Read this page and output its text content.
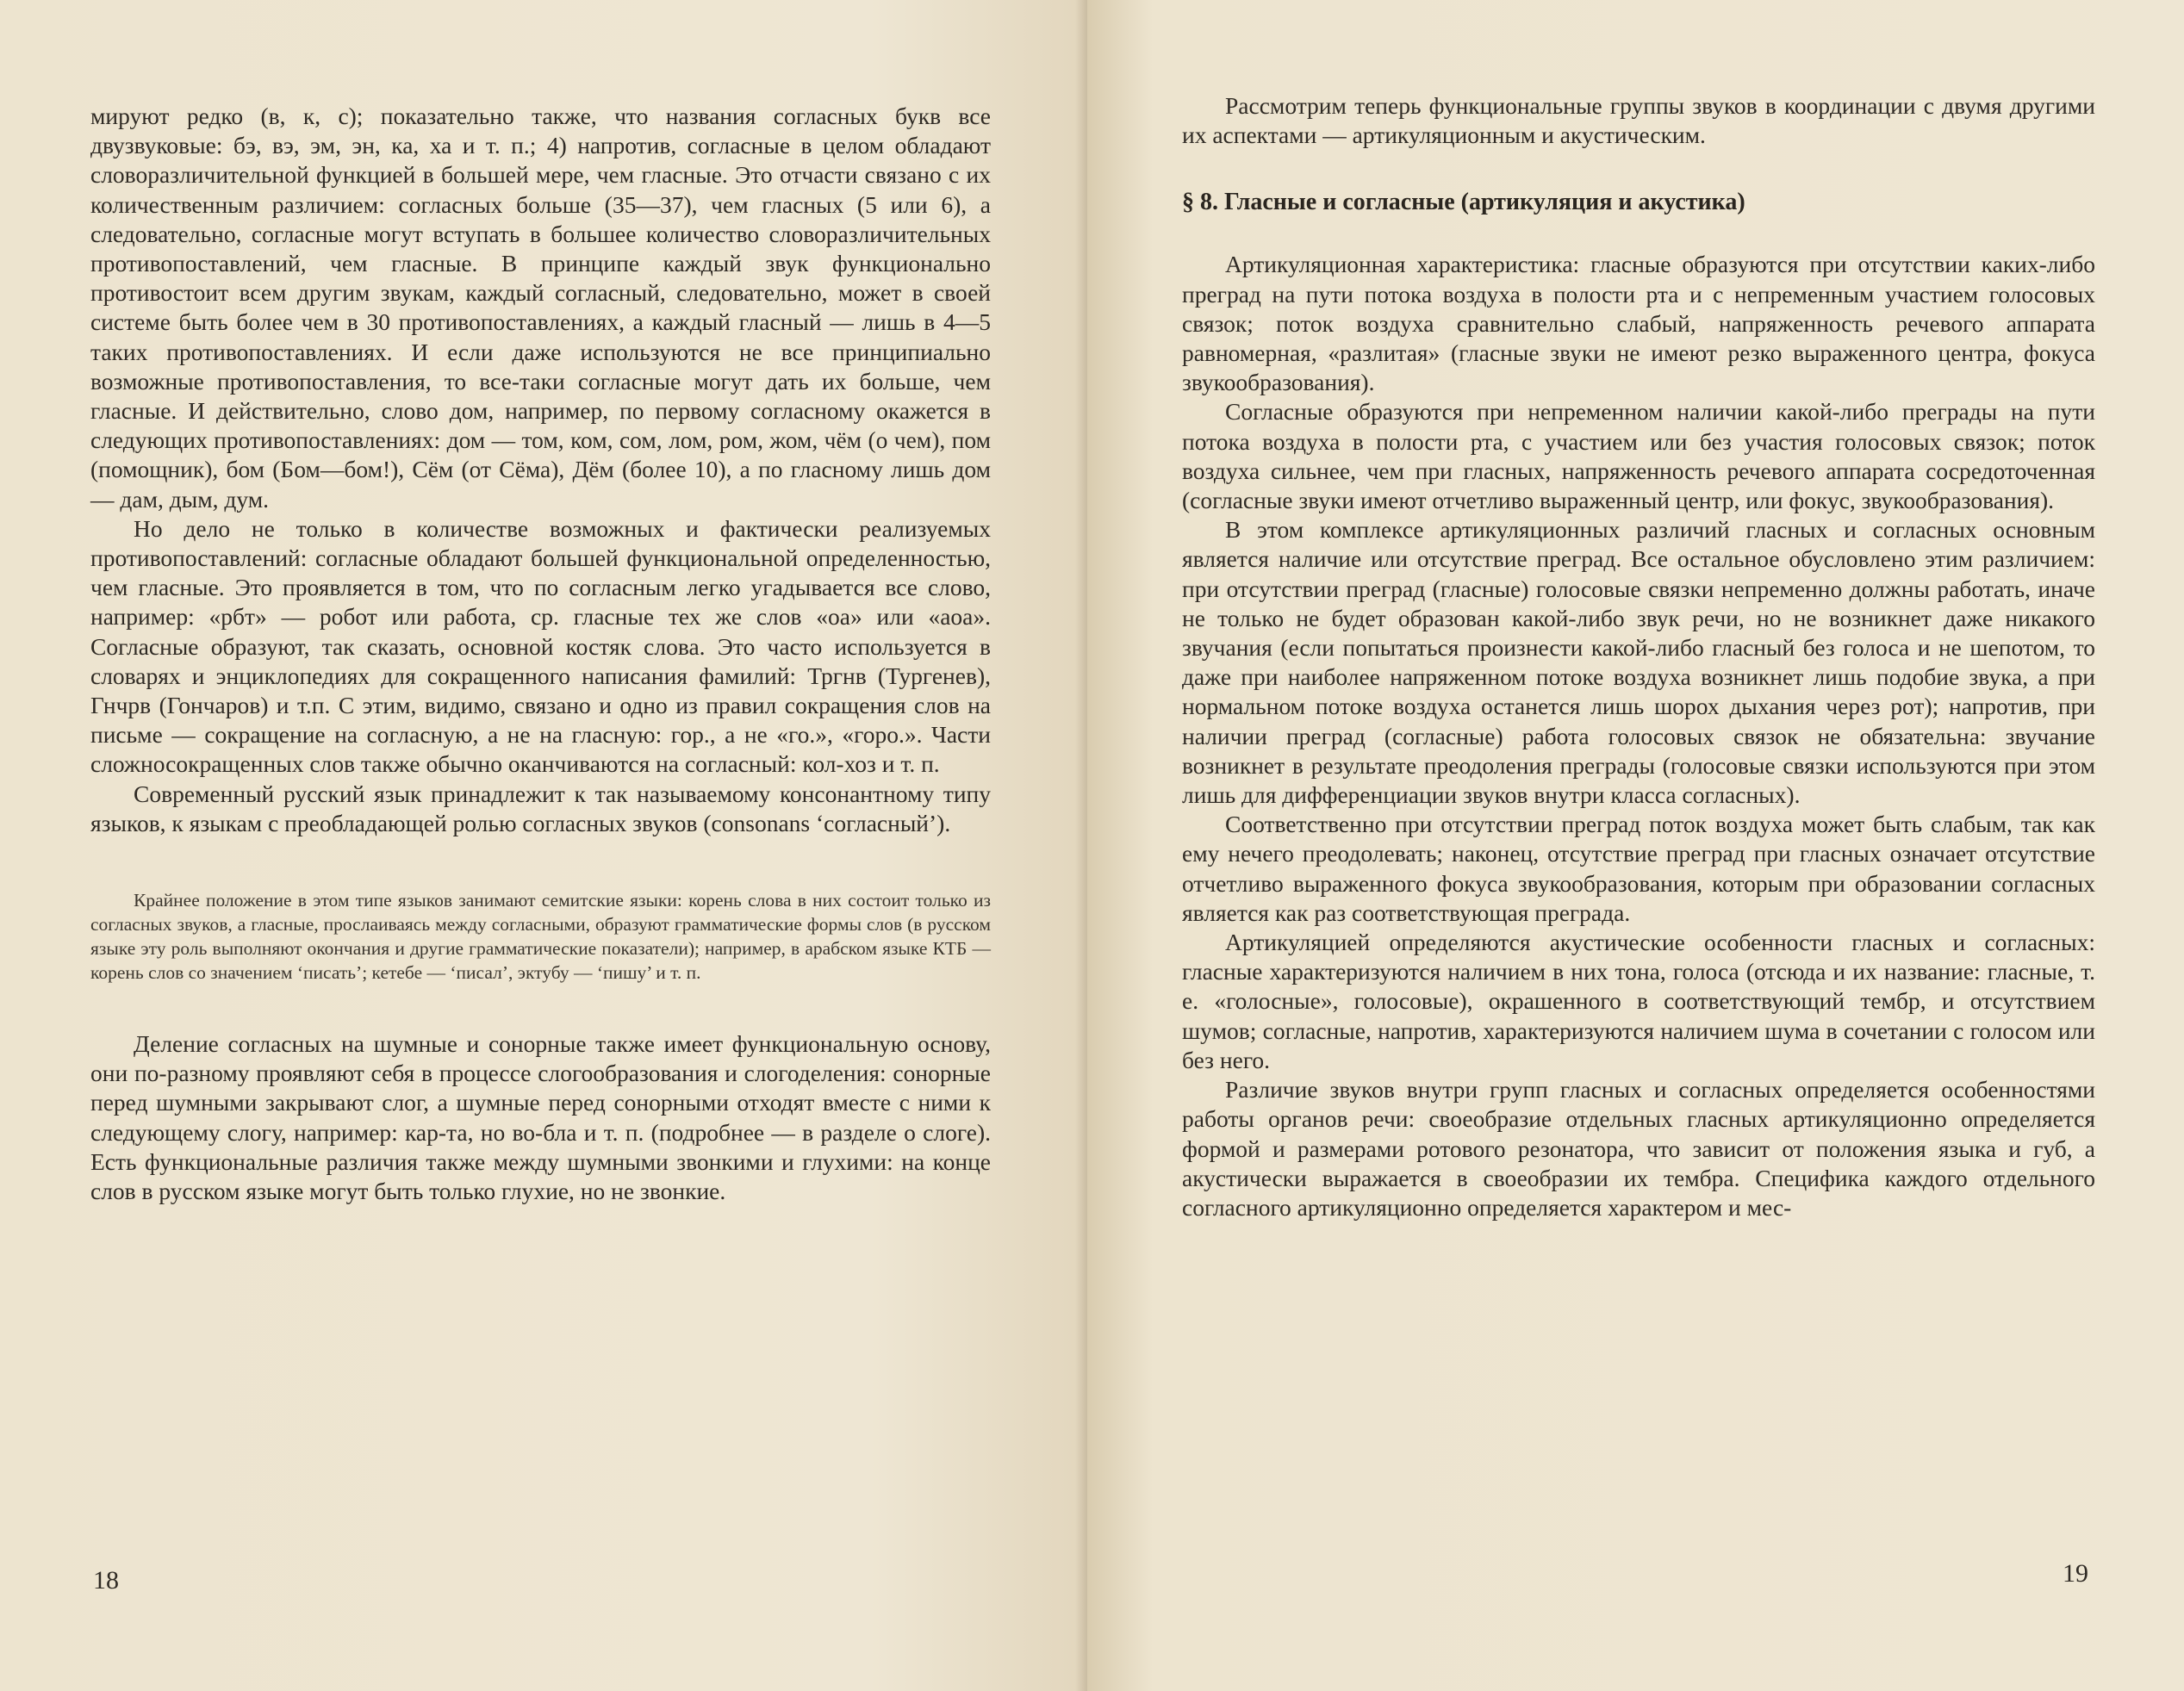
мируют редко (в, к, с); показательно также, что названия согласных букв все двузвуковые: бэ, вэ, эм, эн, ка, ха и т. п.; 4) напротив, согласные в целом обладают словоразличительной функцией в большей мере, чем гласные. Это отчасти связано с их количественным различием: согласных больше (35—37), чем гласных (5 или 6), а следовательно, согласные могут вступать в большее количество словоразличительных противопоставлений, чем гласные. В принципе каждый звук функционально противостоит всем другим звукам, каждый согласный, следовательно, может в своей системе быть более чем в 30 противопоставлениях, а каждый гласный — лишь в 4—5 таких противопоставлениях. И если даже используются не все принципиально возможные противопоставления, то все-таки согласные могут дать их больше, чем гласные. И действительно, слово дом, например, по первому согласному окажется в следующих противопоставлениях: дом — том, ком, сом, лом, ром, жом, чём (о чем), пом (помощник), бом (Бом—бом!), Сём (от Сёма), Дём (более 10), а по гласному лишь дом — дам, дым, дум.

Но дело не только в количестве возможных и фактически реализуемых противопоставлений: согласные обладают большей функциональной определенностью, чем гласные. Это проявляется в том, что по согласным легко угадывается все слово, например: «рбт» — робот или работа, ср. гласные тех же слов «оа» или «аоа». Согласные образуют, так сказать, основной костяк слова. Это часто используется в словарях и энциклопедиях для сокращенного написания фамилий: Тргнв (Тургенев), Гнчрв (Гончаров) и т.п. С этим, видимо, связано и одно из правил сокращения слов на письме — сокращение на согласную, а не на гласную: гор., а не «го.», «горо.». Части сложносокращенных слов также обычно оканчиваются на согласный: кол-хоз и т. п.

Современный русский язык принадлежит к так называемому консонантному типу языков, к языкам с преобладающей ролью согласных звуков (consonans ‘согласный’).

Крайнее положение в этом типе языков занимают семитские языки: корень слова в них состоит только из согласных звуков, а гласные, прослаиваясь между согласными, образуют грамматические формы слов (в русском языке эту роль выполняют окончания и другие грамматические показатели); например, в арабском языке КТБ — корень слов со значением ‘писать’; кетебе — ‘писал’, эктубу — ‘пишу’ и т. п.

Деление согласных на шумные и сонорные также имеет функциональную основу, они по-разному проявляют себя в процессе слогообразования и слогоделения: сонорные перед шумными закрывают слог, а шумные перед сонорными отходят вместе с ними к следующему слогу, например: кар-та, но во-бла и т. п. (подробнее — в разделе о слоге). Есть функциональные различия также между шумными звонкими и глухими: на конце слов в русском языке могут быть только глухие, но не звонкие.

18

Рассмотрим теперь функциональные группы звуков в координации с двумя другими их аспектами — артикуляционным и акустическим.

§ 8. Гласные и согласные (артикуляция и акустика)

Артикуляционная характеристика: гласные образуются при отсутствии каких-либо преград на пути потока воздуха в полости рта и с непременным участием голосовых связок; поток воздуха сравнительно слабый, напряженность речевого аппарата равномерная, «разлитая» (гласные звуки не имеют резко выраженного центра, фокуса звукообразования).

Согласные образуются при непременном наличии какой-либо преграды на пути потока воздуха в полости рта, с участием или без участия голосовых связок; поток воздуха сильнее, чем при гласных, напряженность речевого аппарата сосредоточенная (согласные звуки имеют отчетливо выраженный центр, или фокус, звукообразования).

В этом комплексе артикуляционных различий гласных и согласных основным является наличие или отсутствие преград. Все остальное обусловлено этим различием: при отсутствии преград (гласные) голосовые связки непременно должны работать, иначе не только не будет образован какой-либо звук речи, но не возникнет даже никакого звучания (если попытаться произнести какой-либо гласный без голоса и не шепотом, то даже при наиболее напряженном потоке воздуха возникнет лишь подобие звука, а при нормальном потоке воздуха останется лишь шорох дыхания через рот); напротив, при наличии преград (согласные) работа голосовых связок не обязательна: звучание возникнет в результате преодоления преграды (голосовые связки используются при этом лишь для дифференциации звуков внутри класса согласных).

Соответственно при отсутствии преград поток воздуха может быть слабым, так как ему нечего преодолевать; наконец, отсутствие преград при гласных означает отсутствие отчетливо выраженного фокуса звукообразования, которым при образовании согласных является как раз соответствующая преграда.

Артикуляцией определяются акустические особенности гласных и согласных: гласные характеризуются наличием в них тона, голоса (отсюда и их название: гласные, т. е. «голосные», голосовые), окрашенного в соответствующий тембр, и отсутствием шумов; согласные, напротив, характеризуются наличием шума в сочетании с голосом или без него.

Различие звуков внутри групп гласных и согласных определяется особенностями работы органов речи: своеобразие отдельных гласных артикуляционно определяется формой и размерами ротового резонатора, что зависит от положения языка и губ, а акустически выражается в своеобразии их тембра. Специфика каждого отдельного согласного артикуляционно определяется характером и мес-

19
